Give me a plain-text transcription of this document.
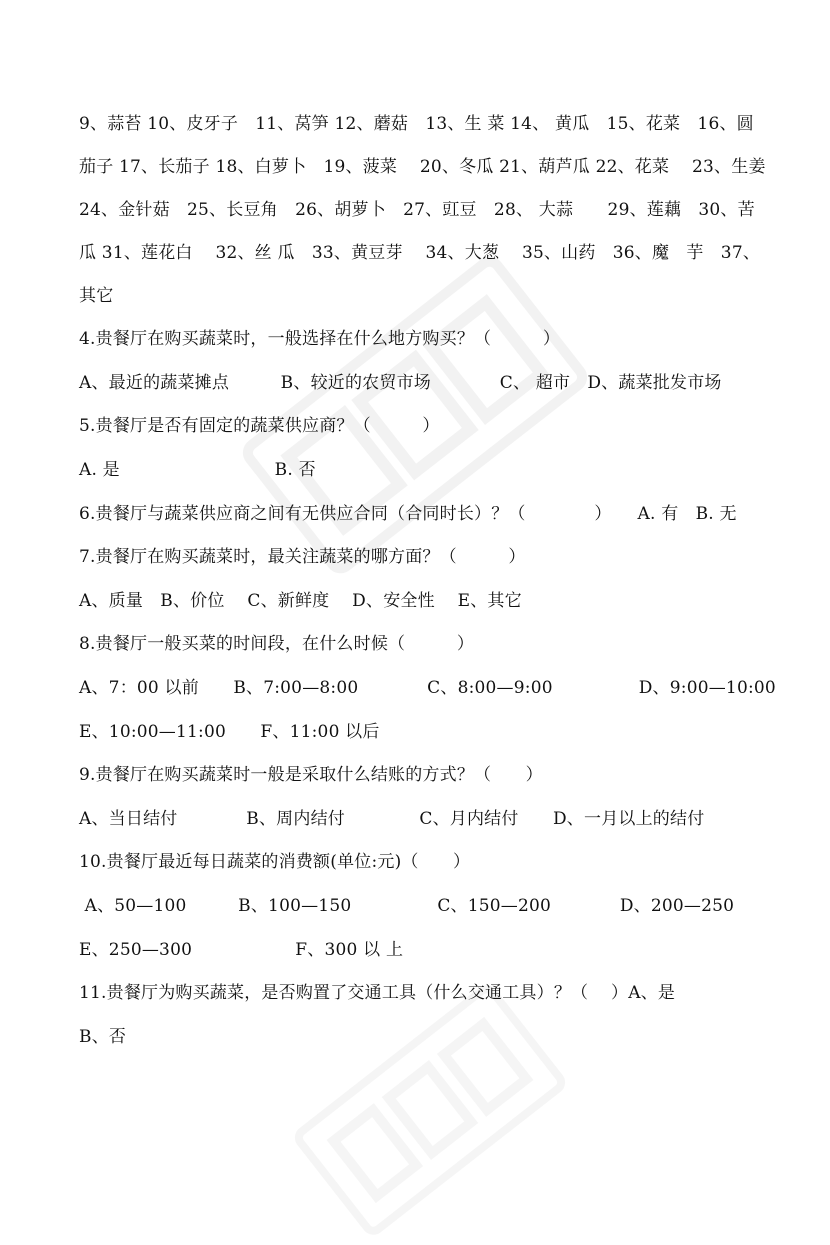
9、蒜苔 10、皮牙子　11、莴笋 12、蘑菇　13、生 菜 14、 黄瓜　15、花菜　16、圆
茄子 17、长茄子 18、白萝卜　19、菠菜　 20、冬瓜 21、葫芦瓜 22、花菜　 23、生姜
24、金针菇　25、长豆角　26、胡萝卜　27、豇豆　28、 大蒜　　29、莲藕　30、苦
瓜 31、莲花白　 32、丝 瓜　33、黄豆芽　 34、大葱　 35、山药　36、魔　芋　37、
其它
4.贵餐厅在购买蔬菜时，一般选择在什么地方购买？（　　　）
A、最近的蔬菜摊点　　　B、较近的农贸市场　　　　C、 超市　D、蔬菜批发市场
5.贵餐厅是否有固定的蔬菜供应商？（　　　）
A. 是　　　　　　　　　B. 否
6.贵餐厅与蔬菜供应商之间有无供应合同（合同时长）？（　　　　）　　A. 有　B. 无
7.贵餐厅在购买蔬菜时，最关注蔬菜的哪方面？（　　　）
A、质量　B、价位　 C、新鲜度　 D、安全性　 E、其它
8.贵餐厅一般买菜的时间段，在什么时候（　　　）
A、7：00 以前　　B、7:00—8:00　　　　C、8:00—9:00　　　　　D、9:00—10:00
E、10:00—11:00　　F、11:00 以后
9.贵餐厅在购买蔬菜时一般是采取什么结账的方式？（　　）
A、当日结付　　　　B、周内结付　　　　 C、月内结付　　D、一月以上的结付
10.贵餐厅最近每日蔬菜的消费额(单位:元)（　　）
A、50—100　　　B、100—150　　　　　C、150—200　　　　D、200—250
E、250—300　　　　　　F、300 以 上
11.贵餐厅为购买蔬菜，是否购置了交通工具（什么交通工具）？（　 ）A、是
B、否
